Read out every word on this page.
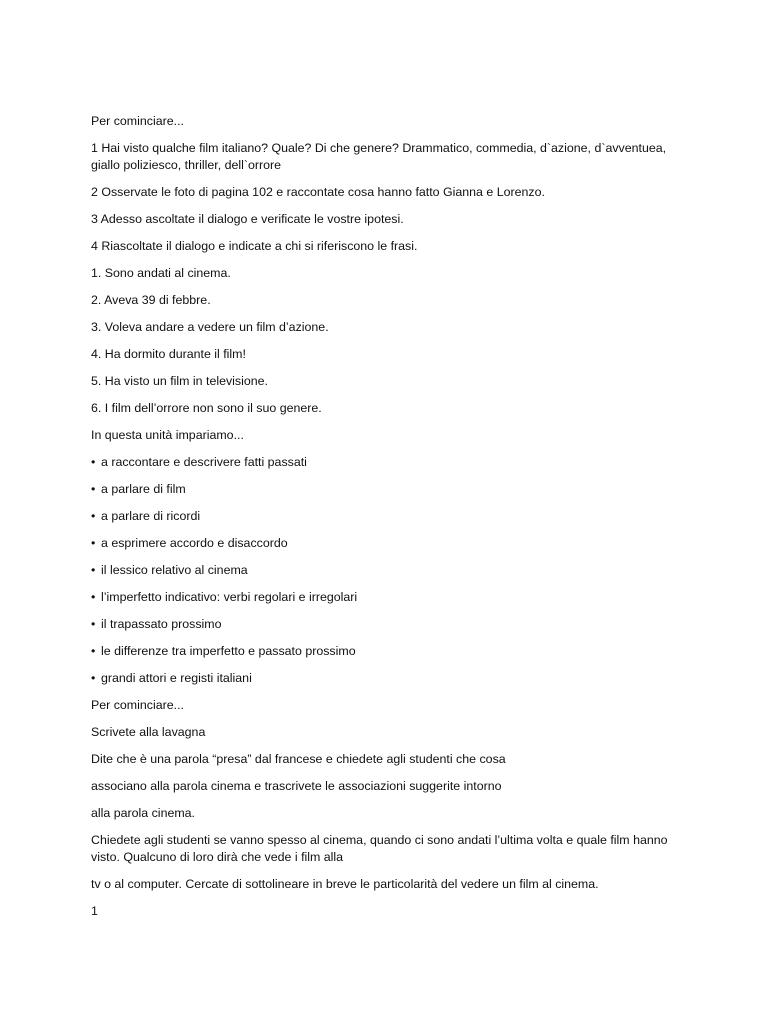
Per cominciare...

1 Hai visto qualche film italiano? Quale? Di che genere? Drammatico, commedia, d`azione, d`avventuea, giallo poliziesco, thriller, dell`orrore

2 Osservate le foto di pagina 102 e raccontate cosa hanno fatto Gianna e Lorenzo.

3 Adesso ascoltate il dialogo e verificate le vostre ipotesi.

4 Riascoltate il dialogo e indicate a chi si riferiscono le frasi.

1. Sono andati al cinema.

2. Aveva 39 di febbre.

3. Voleva andare a vedere un film d’azione.

4. Ha dormito durante il film!

5. Ha visto un film in televisione.

6. I film dell’orrore non sono il suo genere.

In questa unità impariamo...

• a raccontare e descrivere fatti passati

• a parlare di film

• a parlare di ricordi

• a esprimere accordo e disaccordo

• il lessico relativo al cinema

• l’imperfetto indicativo: verbi regolari e irregolari

• il trapassato prossimo

• le differenze tra imperfetto e passato prossimo

• grandi attori e registi italiani

Per cominciare...

Scrivete alla lavagna

Dite che è una parola “presa” dal francese e chiedete agli studenti che cosa

associano alla parola cinema e trascrivete le associazioni suggerite intorno

alla parola cinema.

Chiedete agli studenti se vanno spesso al cinema, quando ci sono andati l’ultima volta e quale film hanno visto. Qualcuno di loro dirà che vede i film alla

tv o al computer. Cercate di sottolineare in breve le particolarità del vedere un film al cinema.

1
